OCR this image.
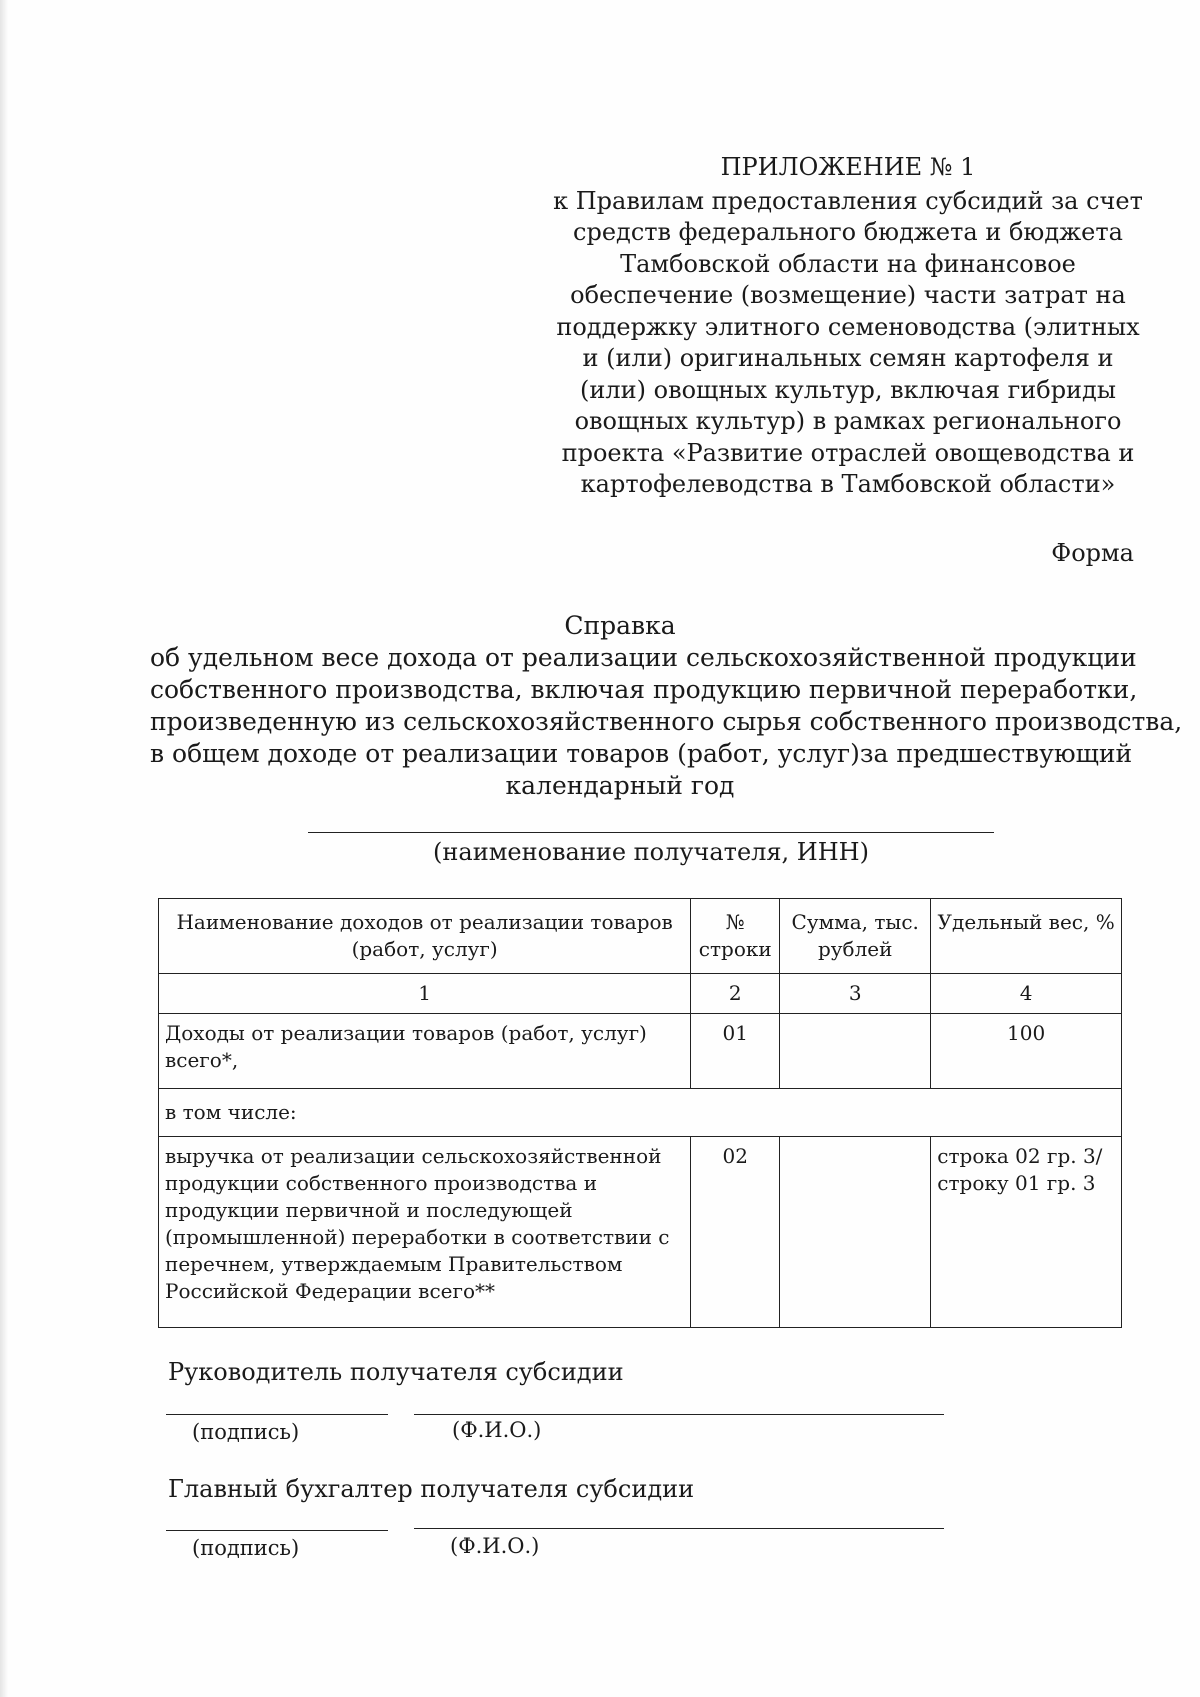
ПРИЛОЖЕНИЕ № 1
к Правилам предоставления субсидий за счет
средств федерального бюджета и бюджета
Тамбовской области на финансовое
обеспечение (возмещение) части затрат на
поддержку элитного семеноводства (элитных
и (или) оригинальных семян картофеля и
(или) овощных культур, включая гибриды
овощных культур) в рамках регионального
проекта «Развитие отраслей овощеводства и
картофелеводства в Тамбовской области»
Форма
Справка
об удельном весе дохода от реализации сельскохозяйственной продукции
собственного производства, включая продукцию первичной переработки,
произведенную из сельскохозяйственного сырья собственного производства,
в общем доходе от реализации товаров (работ, услуг)за предшествующий
календарный год
(наименование получателя, ИНН)
Наименование доходов от реализации товаров (работ, услуг)	№ строки	Сумма, тыс. рублей	Удельный вес, %
1	2	3	4
Доходы от реализации товаров (работ, услуг) всего*,	01		100
в том числе:			
выручка от реализации сельскохозяйственной продукции собственного производства и продукции первичной и последующей (промышленной) переработки в соответствии с перечнем, утверждаемым Правительством Российской Федерации всего**	02		строка 02 гр. 3/ строку 01 гр. 3
Руководитель получателя субсидии
(подпись)	(Ф.И.О.)
Главный бухгалтер получателя субсидии
(подпись)	(Ф.И.О.)
